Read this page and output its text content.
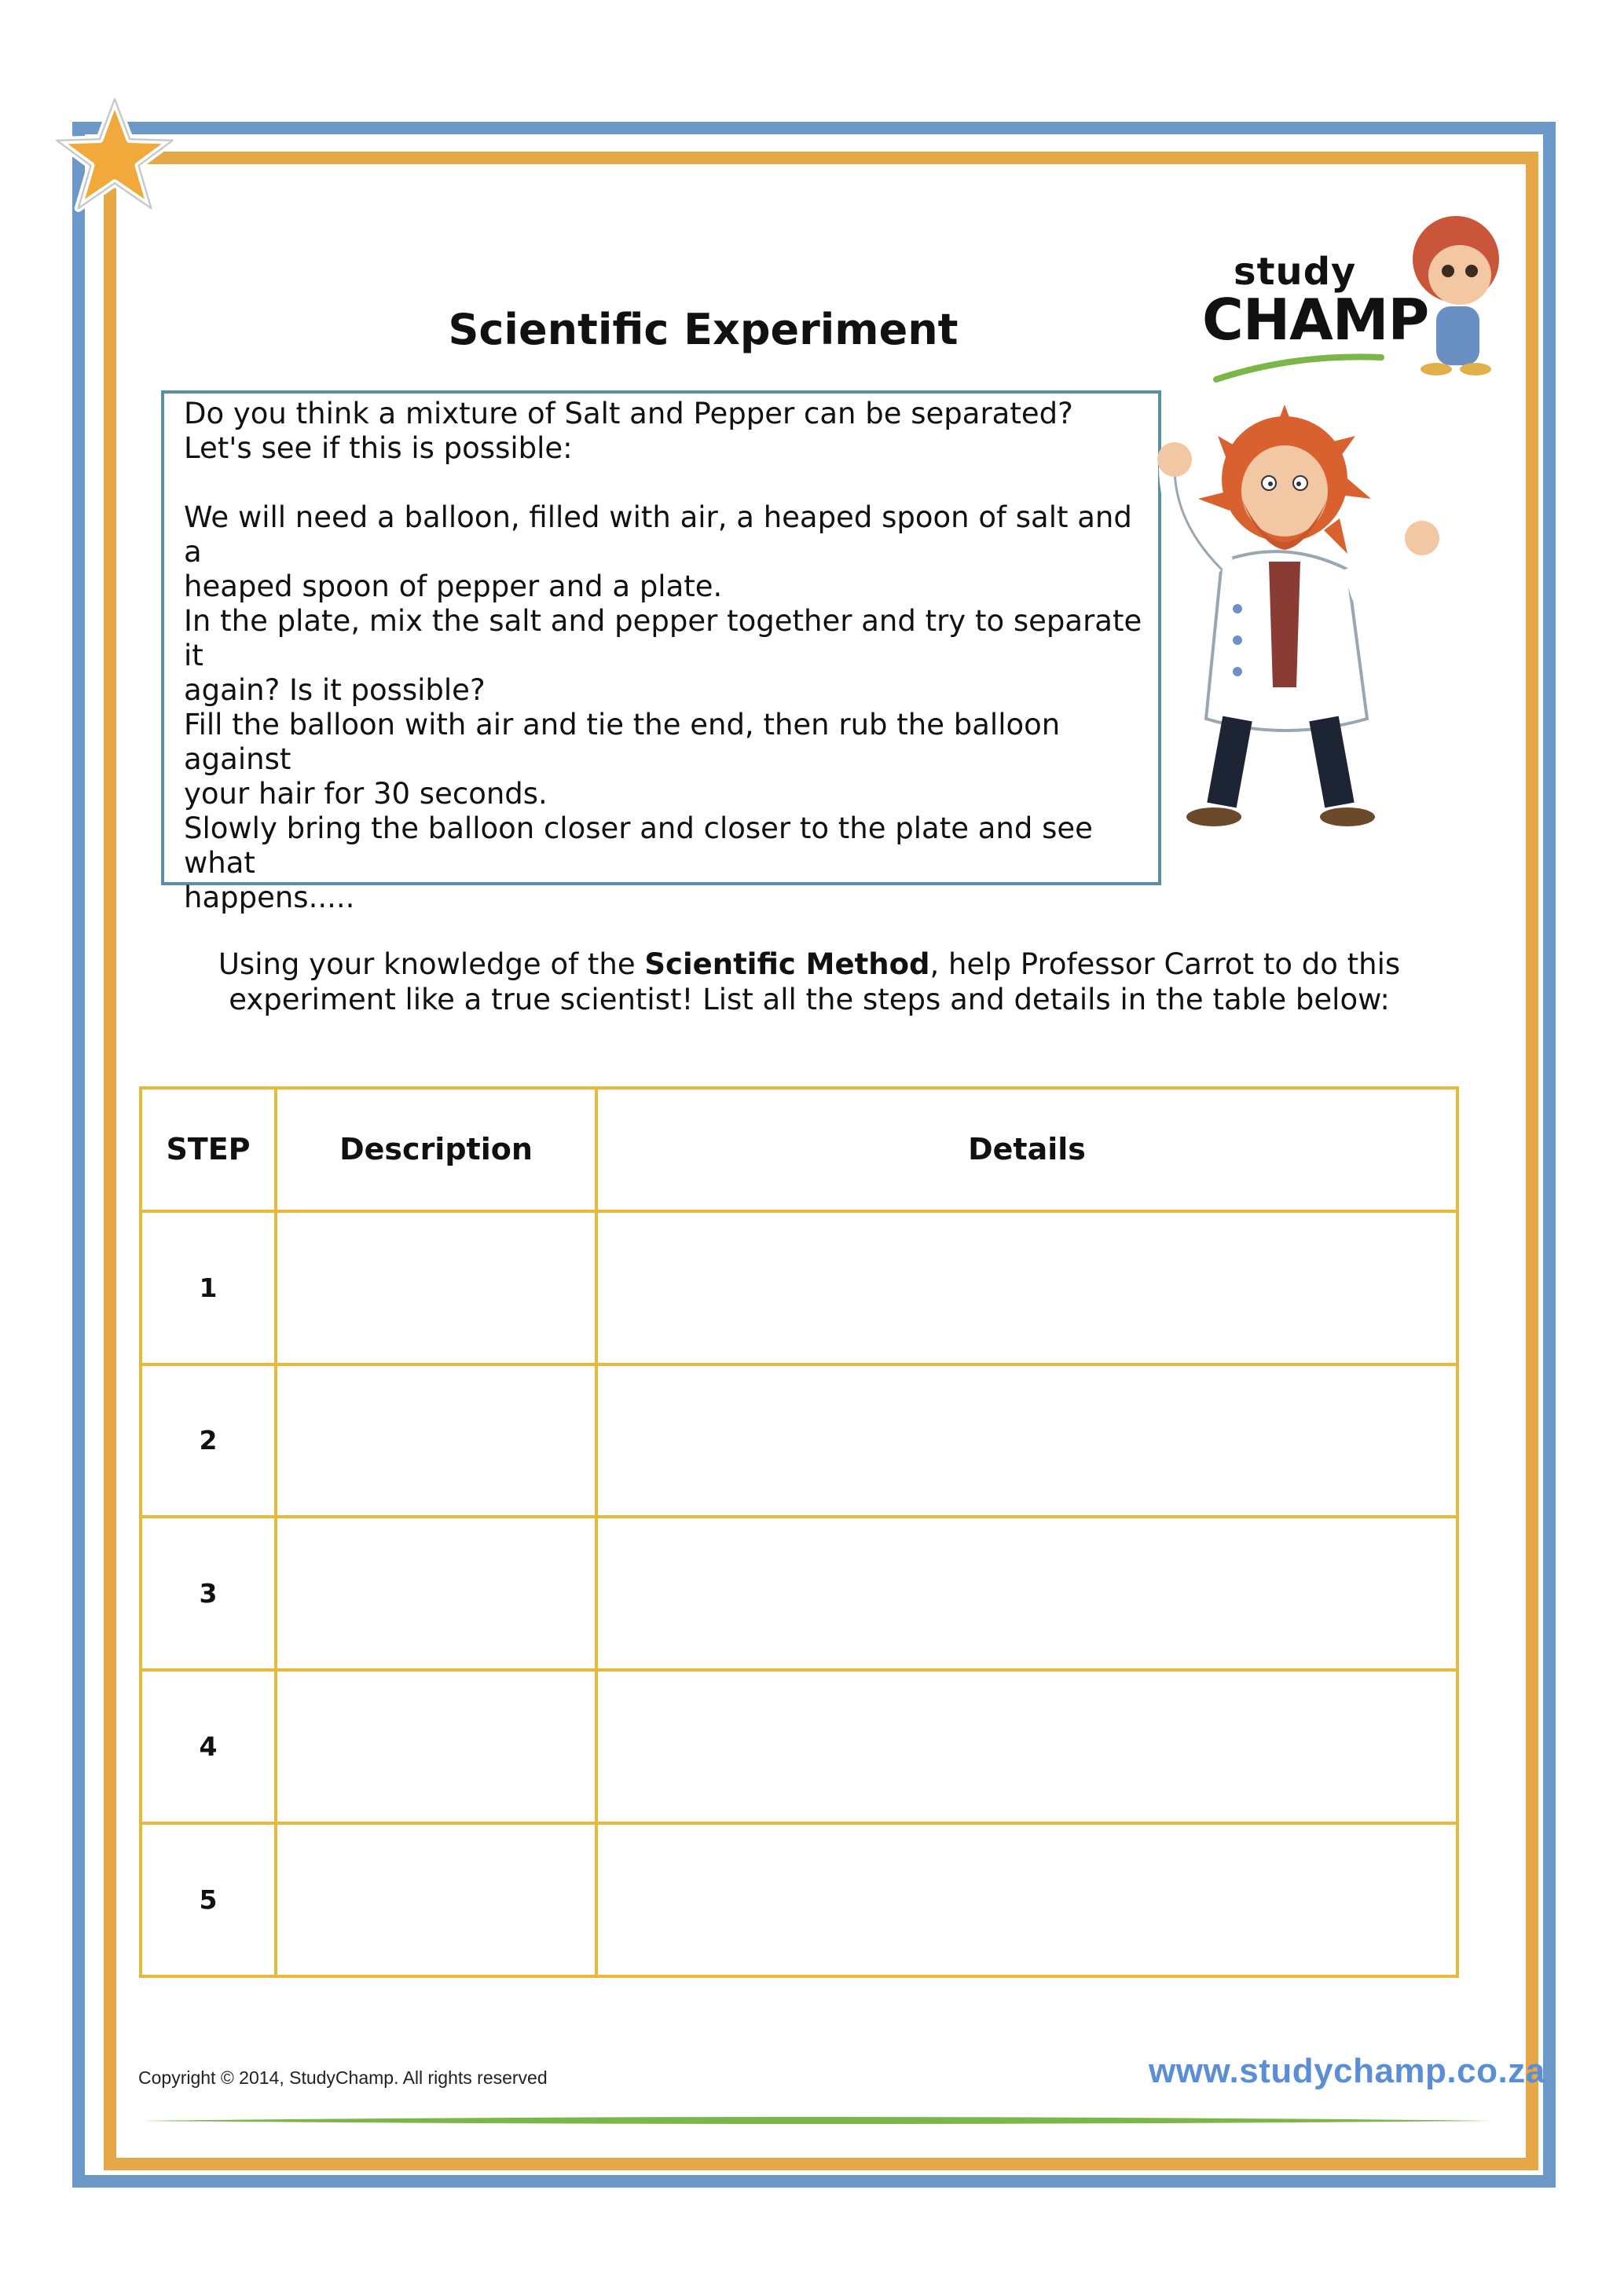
study
CHAMP
Scientific Experiment
Do you think a mixture of Salt and Pepper can be separated?
Let's see if this is possible:
We will need a balloon, filled with air, a heaped spoon of salt and a
heaped spoon of pepper and a plate.
In the plate, mix the salt and pepper together and try to separate it
again? Is it possible?
Fill the balloon with air and tie the end, then rub the balloon against
your hair for 30 seconds.
Slowly bring the balloon closer and closer to the plate and see what
happens.....
Using your knowledge of the Scientific Method, help Professor Carrot to do this
experiment like a true scientist! List all the steps and details in the table below:
STEP	Description	Details
1		
2		
3		
4		
5		
Copyright © 2014, StudyChamp. All rights reserved	www.studychamp.co.za
